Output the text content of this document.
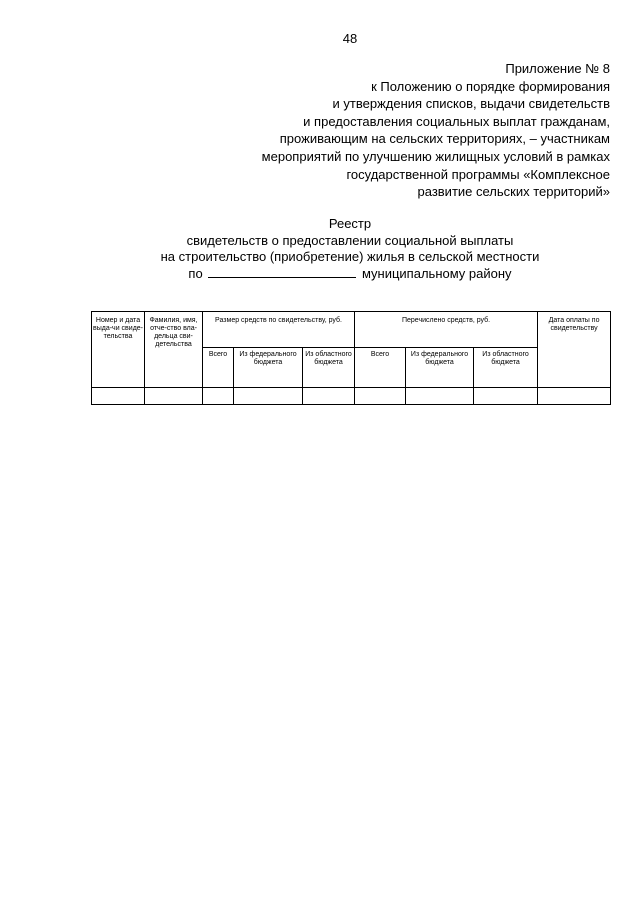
48
Приложение № 8
к Положению о порядке формирования
и утверждения списков, выдачи свидетельств
и предоставления социальных выплат гражданам,
проживающим на сельских территориях, – участникам
мероприятий по улучшению жилищных условий в рамках
государственной программы «Комплексное
развитие сельских территорий»
Реестр
свидетельств о предоставлении социальной выплаты
на строительство (приобретение) жилья в сельской местности
по	муниципальному району
Номер и дата выда-чи свиде-тельства	Фамилия, имя, отче-ство вла-дельца сви-детельства	Размер средств по свидетельству, руб.			Перечислено средств, руб.			Дата оплаты по свидетельству
		Всего	Из федерального бюджета	Из областного бюджета	Всего	Из федерального бюджета	Из областного бюджета	
